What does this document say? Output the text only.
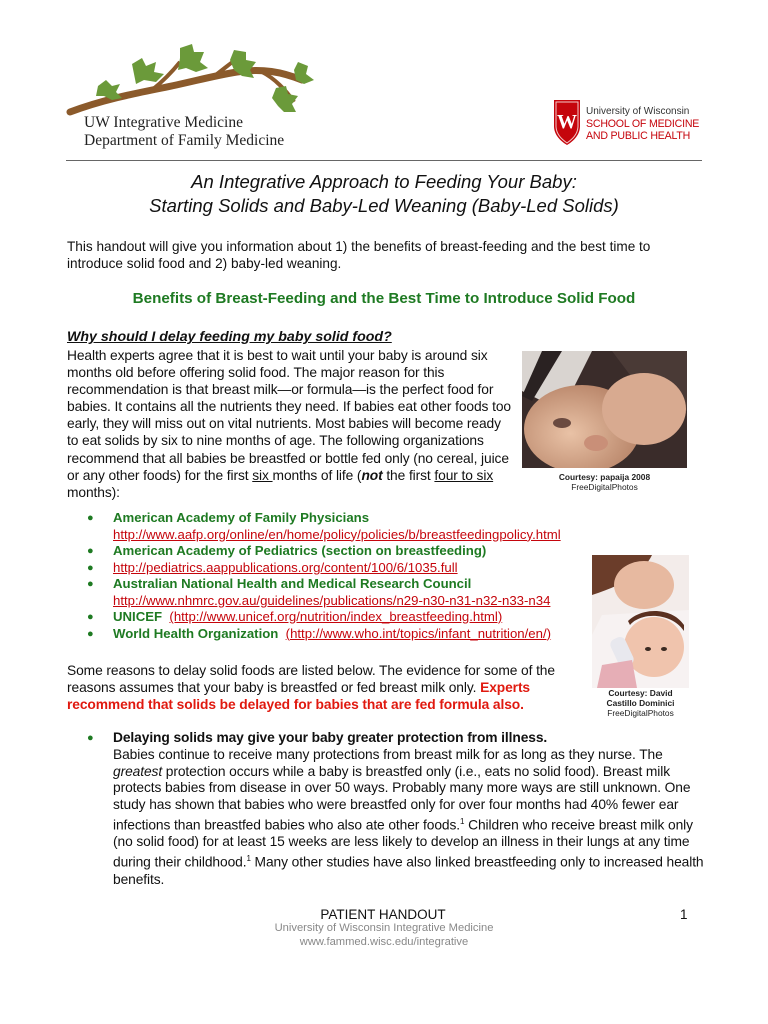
UW Integrative Medicine
Department of Family Medicine
W University of Wisconsin
SCHOOL OF MEDICINE
AND PUBLIC HEALTH
An Integrative Approach to Feeding Your Baby:
Starting Solids and Baby-Led Weaning (Baby-Led Solids)
This handout will give you information about 1) the benefits of breast-feeding and the best time to introduce solid food and 2) baby-led weaning.
Benefits of Breast-Feeding and the Best Time to Introduce Solid Food
Why should I delay feeding my baby solid food?
Health experts agree that it is best to wait until your baby is around six months old before offering solid food. The major reason for this recommendation is that breast milk—or formula—is the perfect food for babies. It contains all the nutrients they need. If babies eat other foods too early, they will miss out on vital nutrients. Most babies will become ready to eat solids by six to nine months of age. The following organizations recommend that all babies be breastfed or bottle fed only (no cereal, juice or any other foods) for the first six months of life (not the first four to six months):
Courtesy: papaija 2008
FreeDigitalPhotos
Courtesy: David
Castillo Dominici
FreeDigitalPhotos
● American Academy of Family Physicians
http://www.aafp.org/online/en/home/policy/policies/b/breastfeedingpolicy.html
● American Academy of Pediatrics (section on breastfeeding)
● http://pediatrics.aappublications.org/content/100/6/1035.full
● Australian National Health and Medical Research Council
http://www.nhmrc.gov.au/guidelines/publications/n29-n30-n31-n32-n33-n34
● UNICEF (http://www.unicef.org/nutrition/index_breastfeeding.html)
● World Health Organization (http://www.who.int/topics/infant_nutrition/en/)
Some reasons to delay solid foods are listed below. The evidence for some of the reasons assumes that your baby is breastfed or fed breast milk only. Experts recommend that solids be delayed for babies that are fed formula also.
● Delaying solids may give your baby greater protection from illness.
Babies continue to receive many protections from breast milk for as long as they nurse. The greatest protection occurs while a baby is breastfed only (i.e., eats no solid food). Breast milk protects babies from disease in over 50 ways. Probably many more ways are still unknown. One study has shown that babies who were breastfed only for over four months had 40% fewer ear infections than breastfed babies who also ate other foods.$^1$ Children who receive breast milk only (no solid food) for at least 15 weeks are less likely to develop an illness in their lungs at any time during their childhood.$^1$ Many other studies have also linked breastfeeding only to increased health benefits.
PATIENT HANDOUT	1
University of Wisconsin Integrative Medicine
www.fammed.wisc.edu/integrative
